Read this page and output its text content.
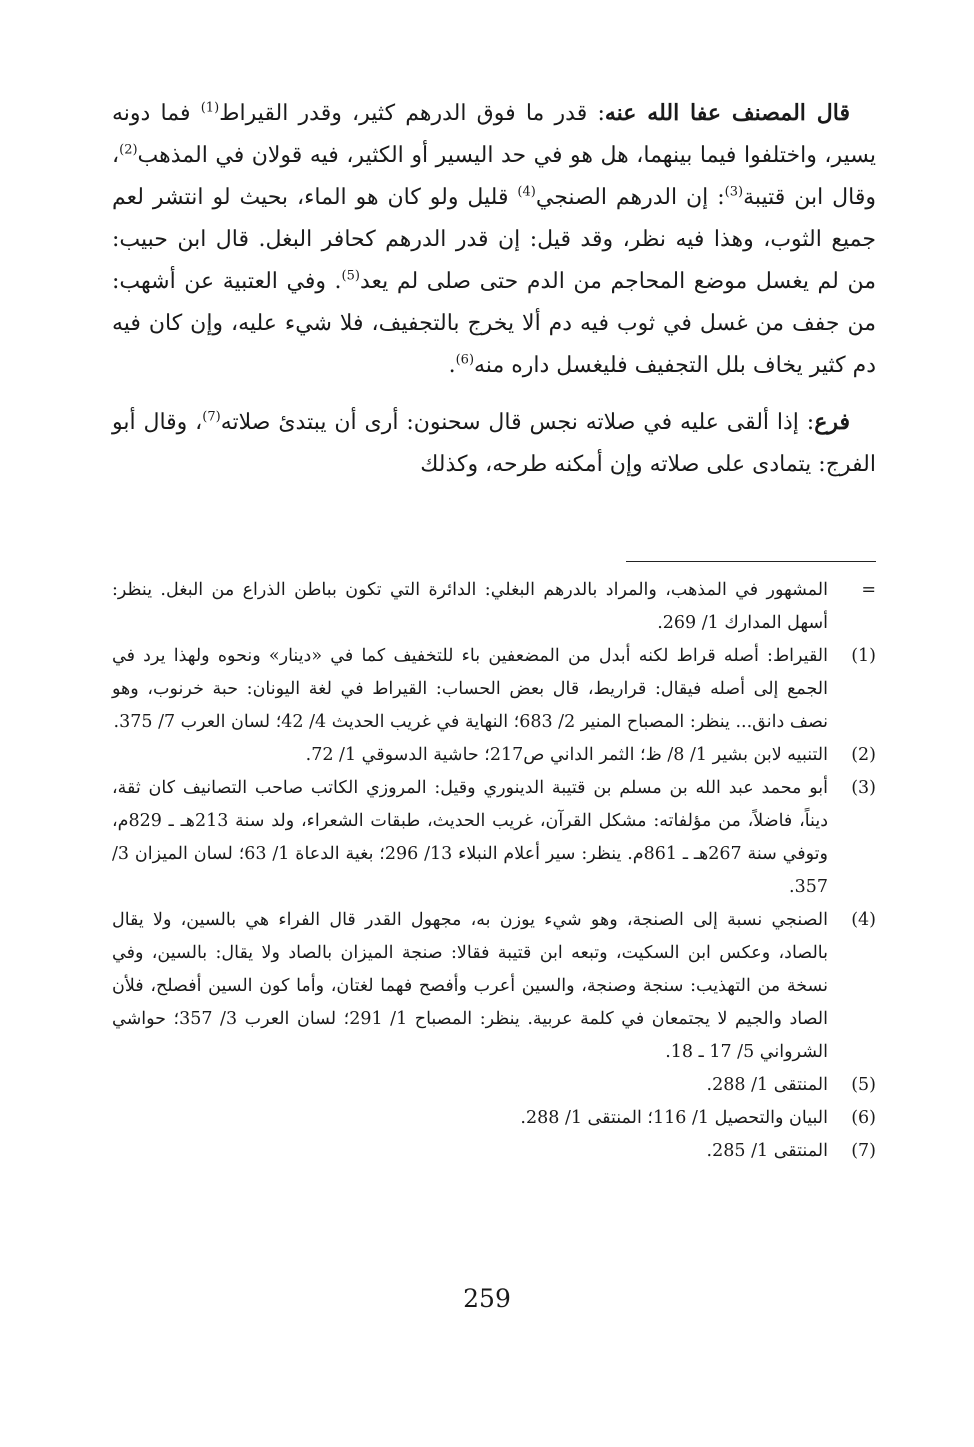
قال المصنف عفا الله عنه: قدر ما فوق الدرهم كثير، وقدر القيراط$^{(1)}$ فما دونه يسير، واختلفوا فيما بينهما، هل هو في حد اليسير أو الكثير، فيه قولان في المذهب$^{(2)}$، وقال ابن قتيبة$^{(3)}$: إن الدرهم الصنجي$^{(4)}$ قليل ولو كان هو الماء، بحيث لو انتشر لعم جميع الثوب، وهذا فيه نظر، وقد قيل: إن قدر الدرهم كحافر البغل. قال ابن حبيب: من لم يغسل موضع المحاجم من الدم حتى صلى لم يعد$^{(5)}$. وفي العتبية عن أشهب: من جفف من غسل في ثوب فيه دم ألا يخرج بالتجفيف، فلا شيء عليه، وإن كان فيه دم كثير يخاف بلل التجفيف فليغسل داره منه$^{(6)}$.

فرع: إذا ألقى عليه في صلاته نجس قال سحنون: أرى أن يبتدئ صلاته$^{(7)}$، وقال أبو الفرج: يتمادى على صلاته وإن أمكنه طرحه، وكذلك

=
المشهور في المذهب، والمراد بالدرهم البغلي: الدائرة التي تكون بباطن الذراع من البغل. ينظر: أسهل المدارك 1/ 269.
(1)
القيراط: أصله قراط لكنه أبدل من المضعفين باء للتخفيف كما في «دينار» ونحوه ولهذا يرد في الجمع إلى أصله فيقال: قراريط، قال بعض الحساب: القيراط في لغة اليونان: حبة خرنوب، وهو نصف دانق... ينظر: المصباح المنير 2/ 683؛ النهاية في غريب الحديث 4/ 42؛ لسان العرب 7/ 375.
(2)
التنبيه لابن بشير 1/ 8/ ظ؛ الثمر الداني ص217؛ حاشية الدسوقي 1/ 72.
(3)
أبو محمد عبد الله بن مسلم بن قتيبة الدينوري وقيل: المروزي الكاتب صاحب التصانيف كان ثقة، ديناً، فاضلاً، من مؤلفاته: مشكل القرآن، غريب الحديث، طبقات الشعراء، ولد سنة 213هـ ـ 829م، وتوفي سنة 267هـ ـ 861م. ينظر: سير أعلام النبلاء 13/ 296؛ بغية الدعاة 1/ 63؛ لسان الميزان 3/ 357.
(4)
الصنجي نسبة إلى الصنجة، وهو شيء يوزن به، مجهول القدر قال الفراء هي بالسين، ولا يقال بالصاد، وعكس ابن السكيت، وتبعه ابن قتيبة فقالا: صنجة الميزان بالصاد ولا يقال: بالسين، وفي نسخة من التهذيب: سنجة وصنجة، والسين أعرب وأفصح فهما لغتان، وأما كون السين أفصلح، فلأن الصاد والجيم لا يجتمعان في كلمة عربية. ينظر: المصباح 1/ 291؛ لسان العرب 3/ 357؛ حواشي الشرواني 5/ 17 ـ 18.
(5)
المنتقى 1/ 288.
(6)
البيان والتحصيل 1/ 116؛ المنتقى 1/ 288.
(7)
المنتقى 1/ 285.
259
